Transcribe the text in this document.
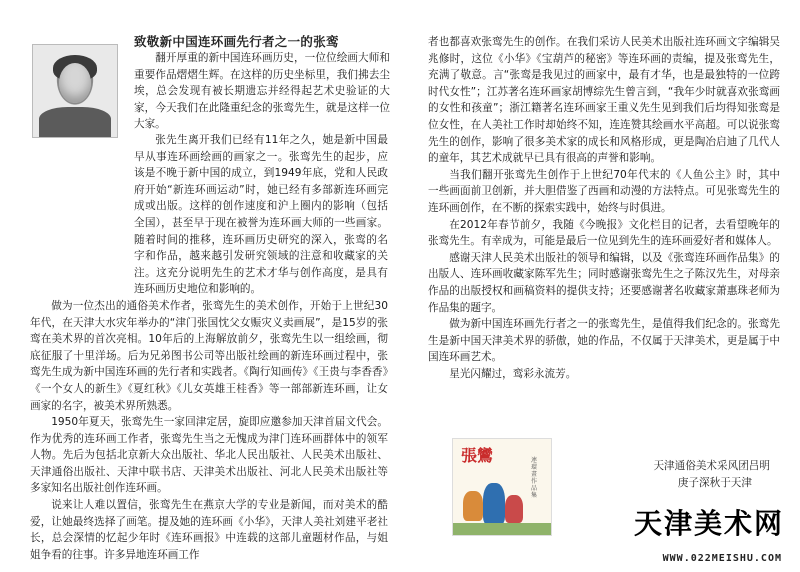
致敬新中国连环画先行者之一的张鸾

翻开厚重的新中国连环画历史，一位位绘画大师和重要作品熠熠生辉。在这样的历史坐标里，我们拂去尘埃，总会发现有被长期遗忘并经得起艺术史验证的大家，今天我们在此隆重纪念的张鸾先生，就是这样一位大家。

张先生离开我们已经有11年之久，她是新中国最早从事连环画绘画的画家之一。张鸾先生的起步，应该是不晚于新中国的成立，到1949年底，党和人民政府开始“新连环画运动”时，她已经有多部新连环画完成或出版。这样的创作速度和沪上圈内的影响（包括全国），甚至早于现在被誉为连环画大师的一些画家。随着时间的推移，连环画历史研究的深入，张鸾的名字和作品，越来越引发研究领域的注意和收藏家的关注。这充分说明先生的艺术才华与创作高度，是具有连环画历史地位和影响的。

做为一位杰出的通俗美术作者，张鸾先生的美术创作，开始于上世纪30年代，在天津大水灾年举办的“津门张国忱父女赈灾义卖画展”，是15岁的张鸾在美术界的首次亮相。10年后的上海解放前夕，张鸾先生以一组绘画，彻底征服了十里洋场。后为兄弟图书公司等出版社绘画的新连环画过程中，张鸾先生成为新中国连环画的先行者和实践者。《陶行知画传》《王贵与李香香》《一个女人的新生》《夏红秋》《儿女英雄王桂香》等一部部新连环画，让女画家的名字，被美术界所熟悉。

1950年夏天，张鸾先生一家回津定居，旋即应邀参加天津首届文代会。作为优秀的连环画工作者，张鸾先生当之无愧成为津门连环画群体中的领军人物。先后为包括北京新大众出版社、华北人民出版社、人民美术出版社、天津通俗出版社、天津中联书店、天津美术出版社、河北人民美术出版社等多家知名出版社创作连环画。

说来让人难以置信，张鸾先生在燕京大学的专业是新闻，而对美术的酷爱，让她最终选择了画笔。提及她的连环画《小华》，天津人美社刘建平老社长，总会深情的忆起少年时《连环画报》中连载的这部儿童题材作品，与姐姐争看的往事。许多异地连环画工作

者也都喜欢张鸾先生的创作。在我们采访人民美术出版社连环画文字编辑吴兆修时，这位《小华》《宝葫芦的秘密》等连环画的责编，提及张鸾先生，充满了敬意。言“张鸾是我见过的画家中，最有才华，也是最独特的一位跨时代女性”；江苏著名连环画家胡博综先生曾言到，“我年少时就喜欢张鸾画的女性和孩童”；浙江籍著名连环画家王重义先生见到我们后均得知张鸾是位女性，在人美社工作时却始终不知，连连赞其绘画水平高超。可以说张鸾先生的创作，影响了很多美术家的成长和风格形成，更是陶冶启迪了几代人的童年，其艺术成就早已具有很高的声誉和影响。

当我们翻开张鸾先生创作于上世纪70年代末的《人鱼公主》时，其中一些画面前卫创新，并大胆借鉴了西画和动漫的方法特点。可见张鸾先生的连环画创作，在不断的探索实践中，始终与时俱进。

在2012年春节前夕，我随《今晚报》文化栏目的记者，去看望晚年的张鸾先生。有幸成为，可能是最后一位见到先生的连环画爱好者和媒体人。

感谢天津人民美术出版社的领导和编辑，以及《张鸾连环画作品集》的出版人、连环画收藏家陈军先生；同时感谢张鸾先生之子陈汉先生，对母亲作品的出版授权和画稿资料的提供支持；还要感谢著名收藏家萧惠珠老师为作品集的题字。

做为新中国连环画先行者之一的张鸾先生，是值得我们纪念的。张鸾先生是新中国天津美术界的骄傲，她的作品，不仅属于天津美术，更是属于中国连环画艺术。

星光闪耀过，鸾彩永流芳。

天津通俗美术采风团吕明
庚子深秋于天津
張鸞	連環畫作品集
天津美术网
WWW.022MEISHU.COM
